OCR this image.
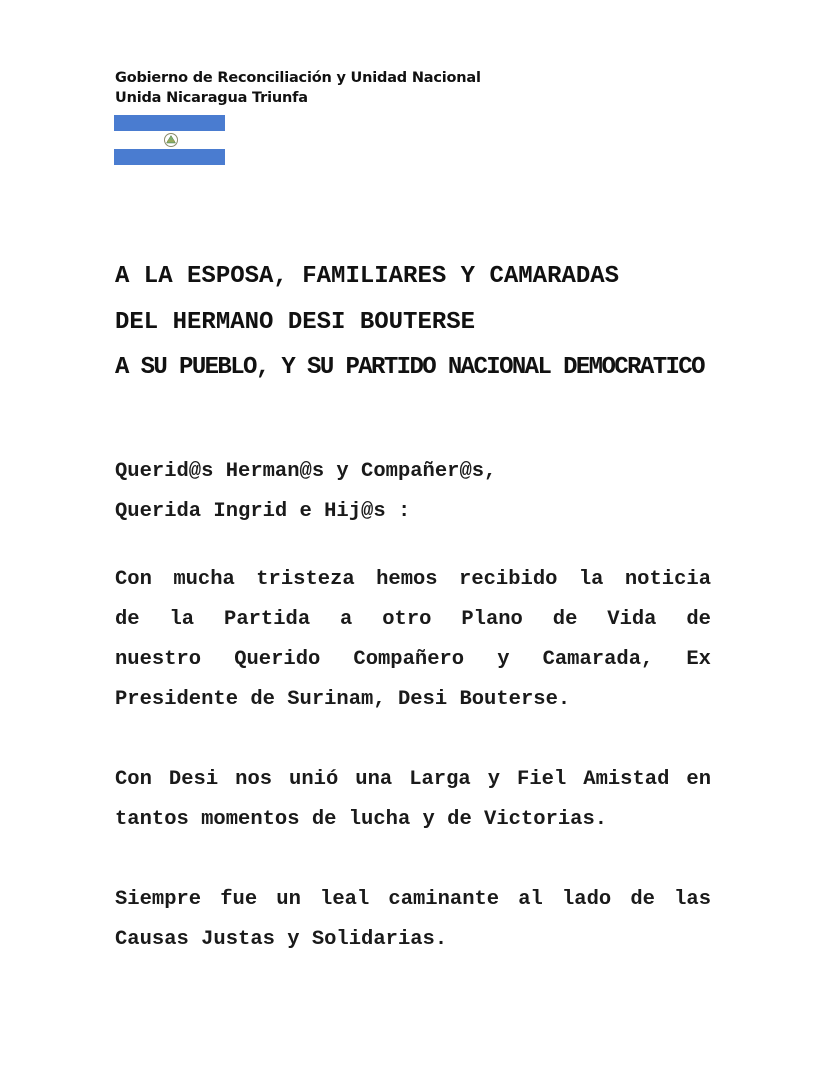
Gobierno de Reconciliación y Unidad Nacional
Unida Nicaragua Triunfa
A LA ESPOSA, FAMILIARES Y CAMARADAS
DEL HERMANO DESI BOUTERSE
A SU PUEBLO, Y SU PARTIDO NACIONAL DEMOCRATICO
Querid@s Herman@s y Compañer@s,
Querida Ingrid e Hij@s :
Con mucha tristeza hemos recibido la noticia
de la Partida a otro Plano de Vida de
nuestro Querido Compañero y Camarada, Ex
Presidente de Surinam, Desi Bouterse.
Con Desi nos unió una Larga y Fiel Amistad en
tantos momentos de lucha y de Victorias.
Siempre fue un leal caminante al lado de las
Causas Justas y Solidarias.
